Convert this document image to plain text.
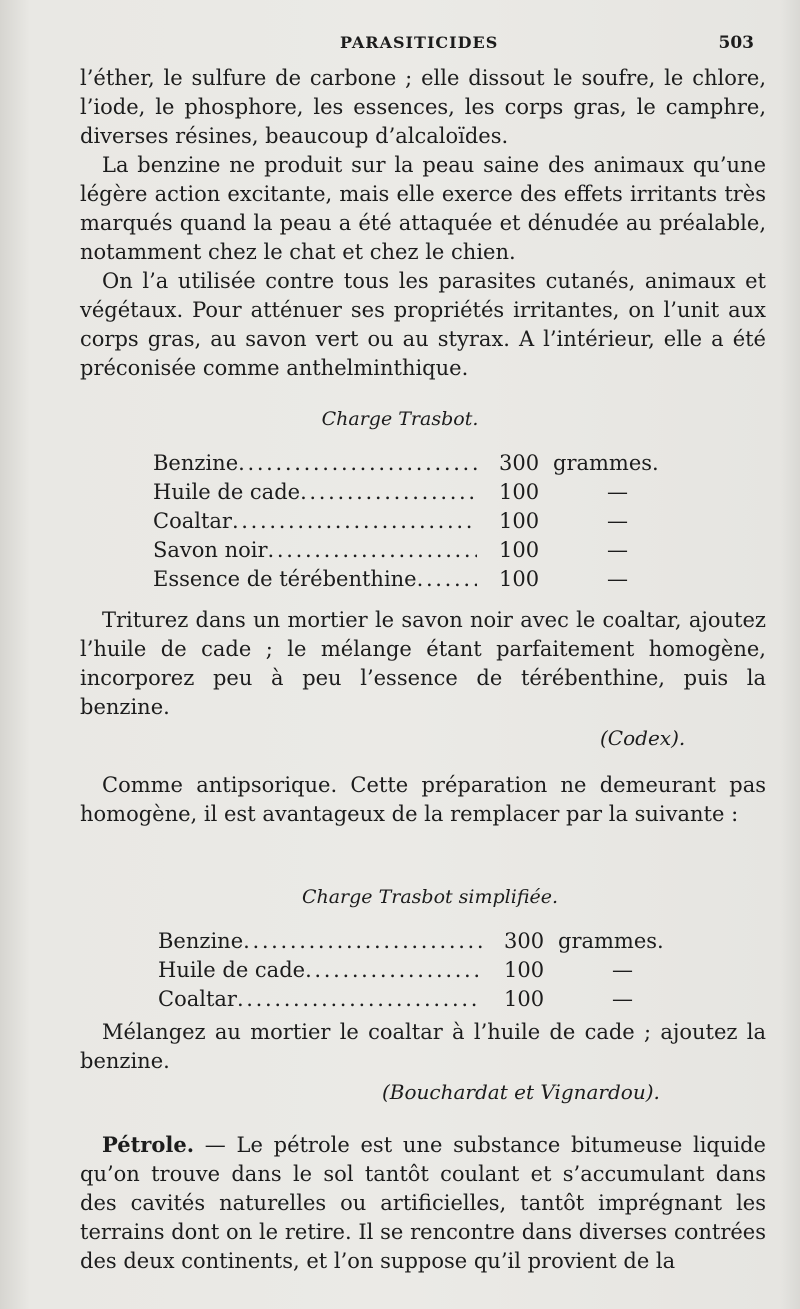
PARASITICIDES	503

l’éther, le sulfure de carbone ; elle dissout le soufre, le chlore, l’iode, le phosphore, les essences, les corps gras, le camphre, diverses résines, beaucoup d’alcaloïdes.

La benzine ne produit sur la peau saine des animaux qu’une légère action excitante, mais elle exerce des effets irritants très marqués quand la peau a été attaquée et dénudée au préalable, notamment chez le chat et chez le chien.

On l’a utilisée contre tous les parasites cutanés, animaux et végétaux. Pour atténuer ses propriétés irritantes, on l’unit aux corps gras, au savon vert ou au styrax. A l’intérieur, elle a été préconisée comme anthelminthique.

Charge Trasbot.
Benzine . . .	300 grammes.
Huile de cade . . .	100	—
Coaltar . . .	100	—
Savon noir . . .	100	—
Essence de térébenthine . . .	100	—

Triturez dans un mortier le savon noir avec le coaltar, ajoutez l’huile de cade ; le mélange étant parfaitement homogène, incorporez peu à peu l’essence de térébenthine, puis la benzine.

(Codex).

Comme antipsorique. Cette préparation ne demeurant pas homogène, il est avantageux de la remplacer par la suivante :

Charge Trasbot simplifiée.
Benzine . . .	300 grammes.
Huile de cade . . .	100	—
Coaltar . . .	100	—

Mélangez au mortier le coaltar à l’huile de cade ; ajoutez la benzine.

(Bouchardat et Vignardou).

Pétrole. — Le pétrole est une substance bitumeuse liquide qu’on trouve dans le sol tantôt coulant et s’accumulant dans des cavités naturelles ou artificielles, tantôt imprégnant les terrains dont on le retire. Il se rencontre dans diverses contrées des deux continents, et l’on suppose qu’il provient de la
